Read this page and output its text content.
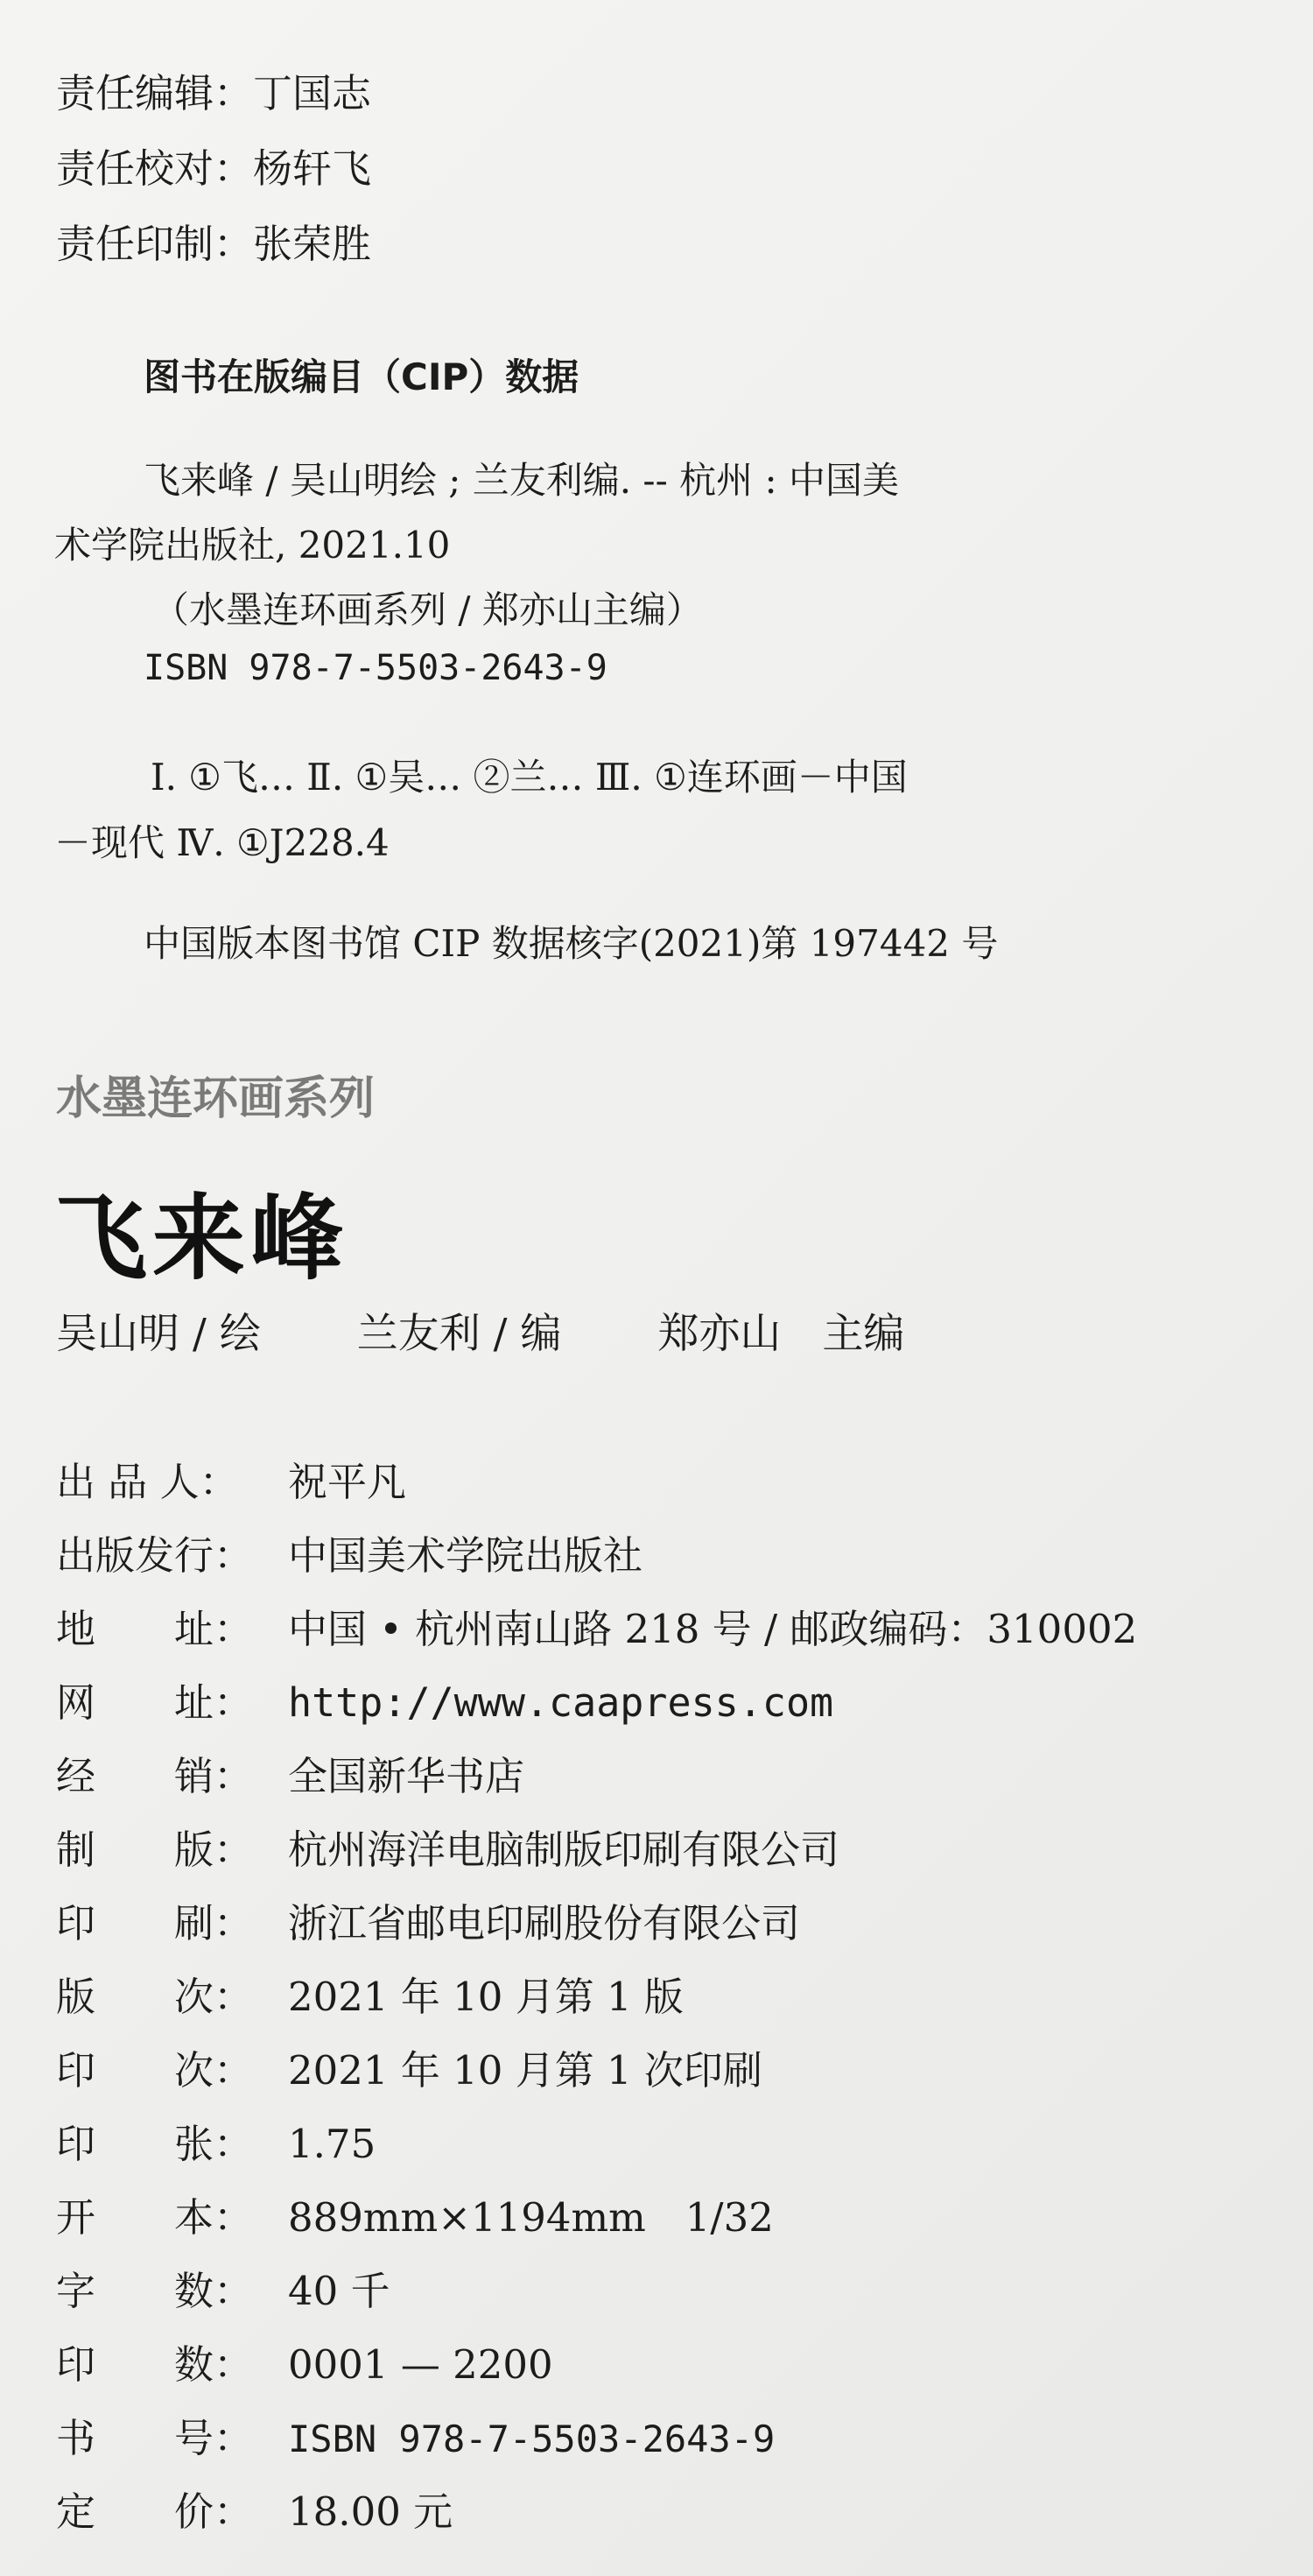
责任编辑：丁国志

责任校对：杨轩飞

责任印制：张荣胜

图书在版编目（CIP）数据

飞来峰 / 吴山明绘 ; 兰友利编. -- 杭州 : 中国美

术学院出版社, 2021.10

（水墨连环画系列 / 郑亦山主编）

ISBN 978-7-5503-2643-9

Ⅰ. ①飞… Ⅱ. ①吴… ②兰… Ⅲ. ①连环画－中国

－现代 Ⅳ. ①J228.4

中国版本图书馆 CIP 数据核字(2021)第 197442 号

水墨连环画系列

飞来峰

吴山明 / 绘 兰友利 / 编 郑亦山　主编

出 品 人： 祝平凡

出版发行： 中国美术学院出版社

地　　址： 中国 • 杭州南山路 218 号 / 邮政编码：310002

网　　址： http://www.caapress.com

经　　销： 全国新华书店

制　　版： 杭州海洋电脑制版印刷有限公司

印　　刷： 浙江省邮电印刷股份有限公司

版　　次： 2021 年 10 月第 1 版

印　　次： 2021 年 10 月第 1 次印刷

印　　张： 1.75

开　　本： 889mm×1194mm　1/32

字　　数： 40 千

印　　数： 0001 — 2200

书　　号： ISBN 978-7-5503-2643-9

定　　价： 18.00 元
